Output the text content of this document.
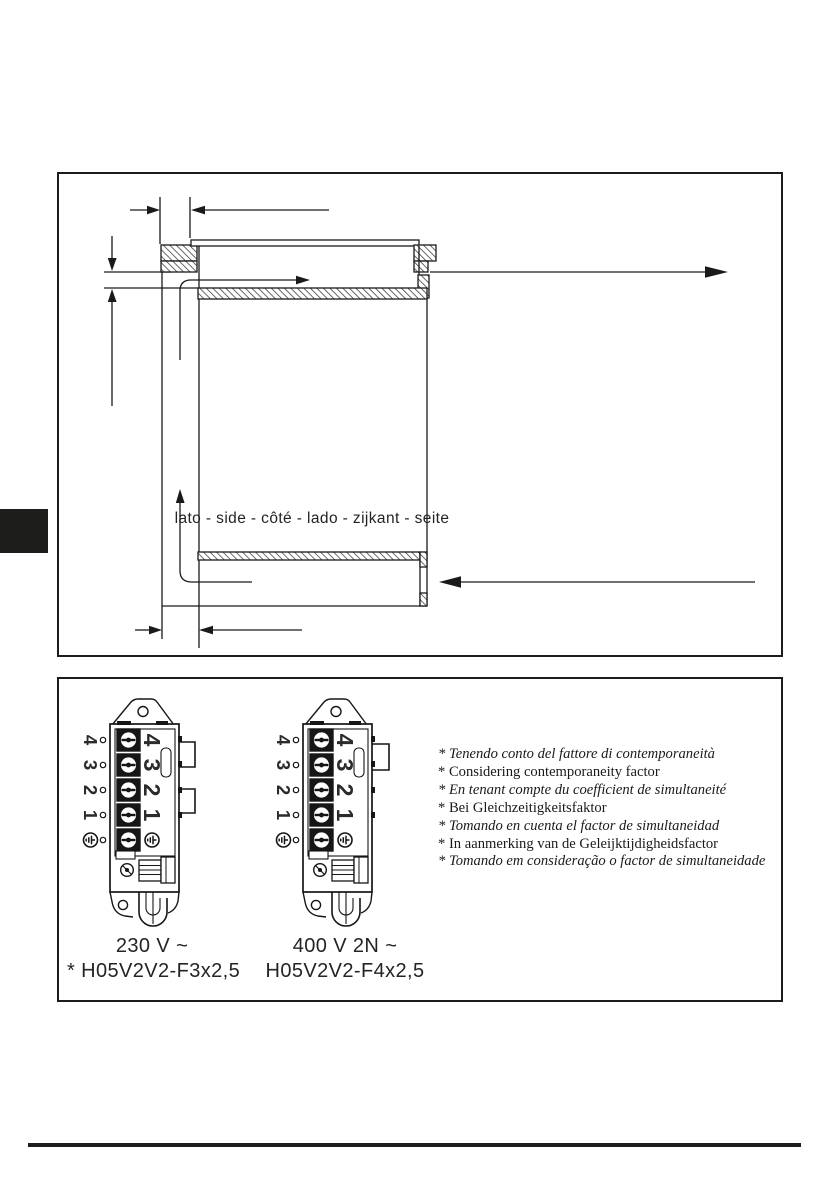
lato - side - côté - lado - zijkant - seite
4
3
2
1
4
3
2
1
4
3
2
1
4
3
2
1
230 V ~
* H05V2V2-F3x2,5
400 V 2N ~
H05V2V2-F4x2,5
* Tenendo conto del fattore di contemporaneità
* Considering contemporaneity factor
* En tenant compte du coefficient de simultaneité
* Bei Gleichzeitigkeitsfaktor
* Tomando en cuenta el factor de simultaneidad
* In aanmerking van de Geleijktijdigheidsfactor
* Tomando em consideração o factor de simultaneidade
